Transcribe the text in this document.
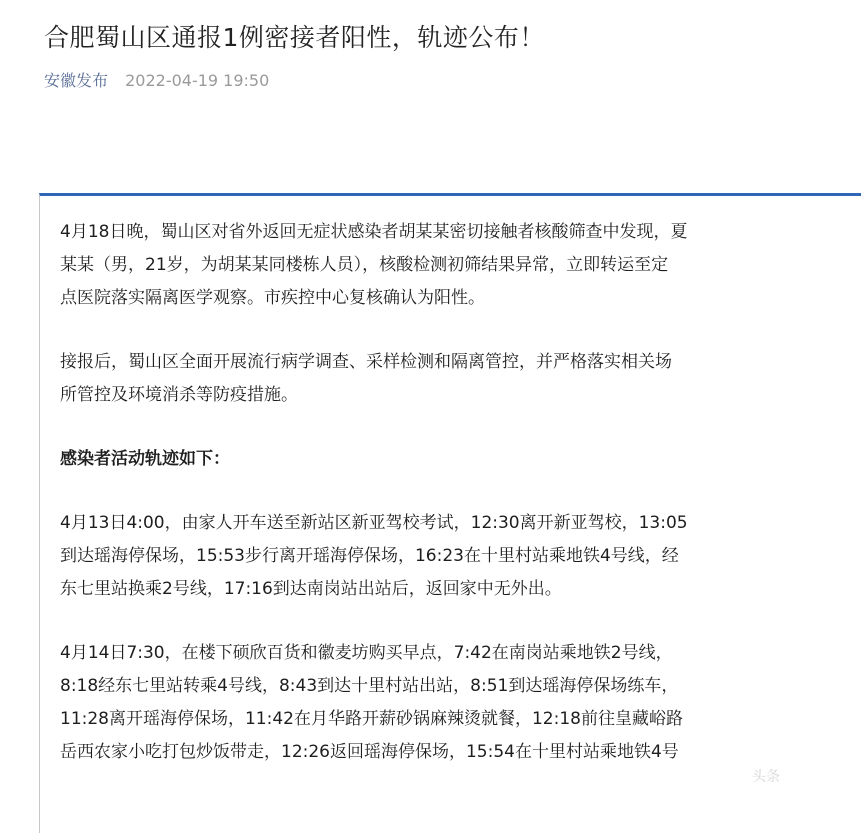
合肥蜀山区通报1例密接者阳性，轨迹公布！
安徽发布 2022-04-19 19:50

4月18日晚，蜀山区对省外返回无症状感染者胡某某密切接触者核酸筛查中发现，夏
某某（男，21岁，为胡某某同楼栋人员），核酸检测初筛结果异常，立即转运至定
点医院落实隔离医学观察。市疾控中心复核确认为阳性。

接报后，蜀山区全面开展流行病学调查、采样检测和隔离管控，并严格落实相关场
所管控及环境消杀等防疫措施。

感染者活动轨迹如下：

4月13日4:00，由家人开车送至新站区新亚驾校考试，12:30离开新亚驾校，13:05
到达瑶海停保场，15:53步行离开瑶海停保场，16:23在十里村站乘地铁4号线，经
东七里站换乘2号线，17:16到达南岗站出站后，返回家中无外出。

4月14日7:30，在楼下硕欣百货和徽麦坊购买早点，7:42在南岗站乘地铁2号线，
8:18经东七里站转乘4号线，8:43到达十里村站出站，8:51到达瑶海停保场练车，
11:28离开瑶海停保场，11:42在月华路开薪砂锅麻辣烫就餐，12:18前往皇藏峪路
岳西农家小吃打包炒饭带走，12:26返回瑶海停保场，15:54在十里村站乘地铁4号

头条
